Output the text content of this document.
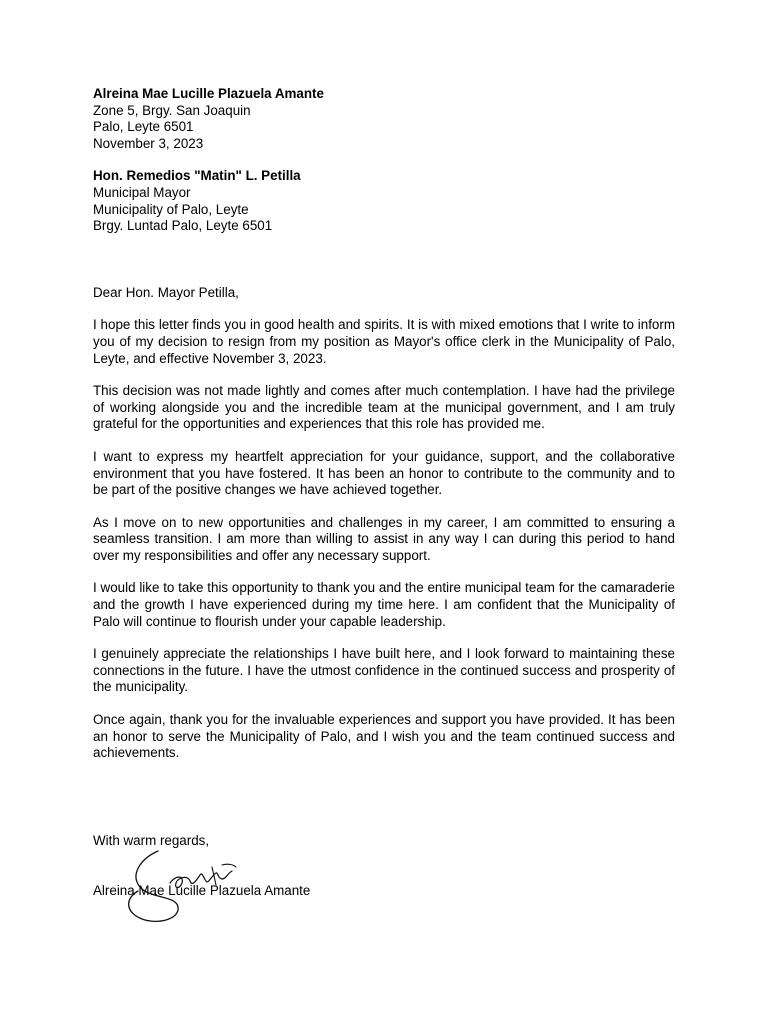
Alreina Mae Lucille Plazuela Amante
Zone 5, Brgy. San Joaquin
Palo, Leyte 6501
November 3, 2023
Hon. Remedios "Matin" L. Petilla
Municipal Mayor
Municipality of Palo, Leyte
Brgy. Luntad Palo, Leyte 6501
Dear Hon. Mayor Petilla,

I hope this letter finds you in good health and spirits. It is with mixed emotions that I write to inform you of my decision to resign from my position as Mayor's office clerk in the Municipality of Palo, Leyte, and effective November 3, 2023.

This decision was not made lightly and comes after much contemplation. I have had the privilege of working alongside you and the incredible team at the municipal government, and I am truly grateful for the opportunities and experiences that this role has provided me.

I want to express my heartfelt appreciation for your guidance, support, and the collaborative environment that you have fostered. It has been an honor to contribute to the community and to be part of the positive changes we have achieved together.

As I move on to new opportunities and challenges in my career, I am committed to ensuring a seamless transition. I am more than willing to assist in any way I can during this period to hand over my responsibilities and offer any necessary support.

I would like to take this opportunity to thank you and the entire municipal team for the camaraderie and the growth I have experienced during my time here. I am confident that the Municipality of Palo will continue to flourish under your capable leadership.

I genuinely appreciate the relationships I have built here, and I look forward to maintaining these connections in the future. I have the utmost confidence in the continued success and prosperity of the municipality.

Once again, thank you for the invaluable experiences and support you have provided. It has been an honor to serve the Municipality of Palo, and I wish you and the team continued success and achievements.

With warm regards,
Alreina Mae Lucille Plazuela Amante
